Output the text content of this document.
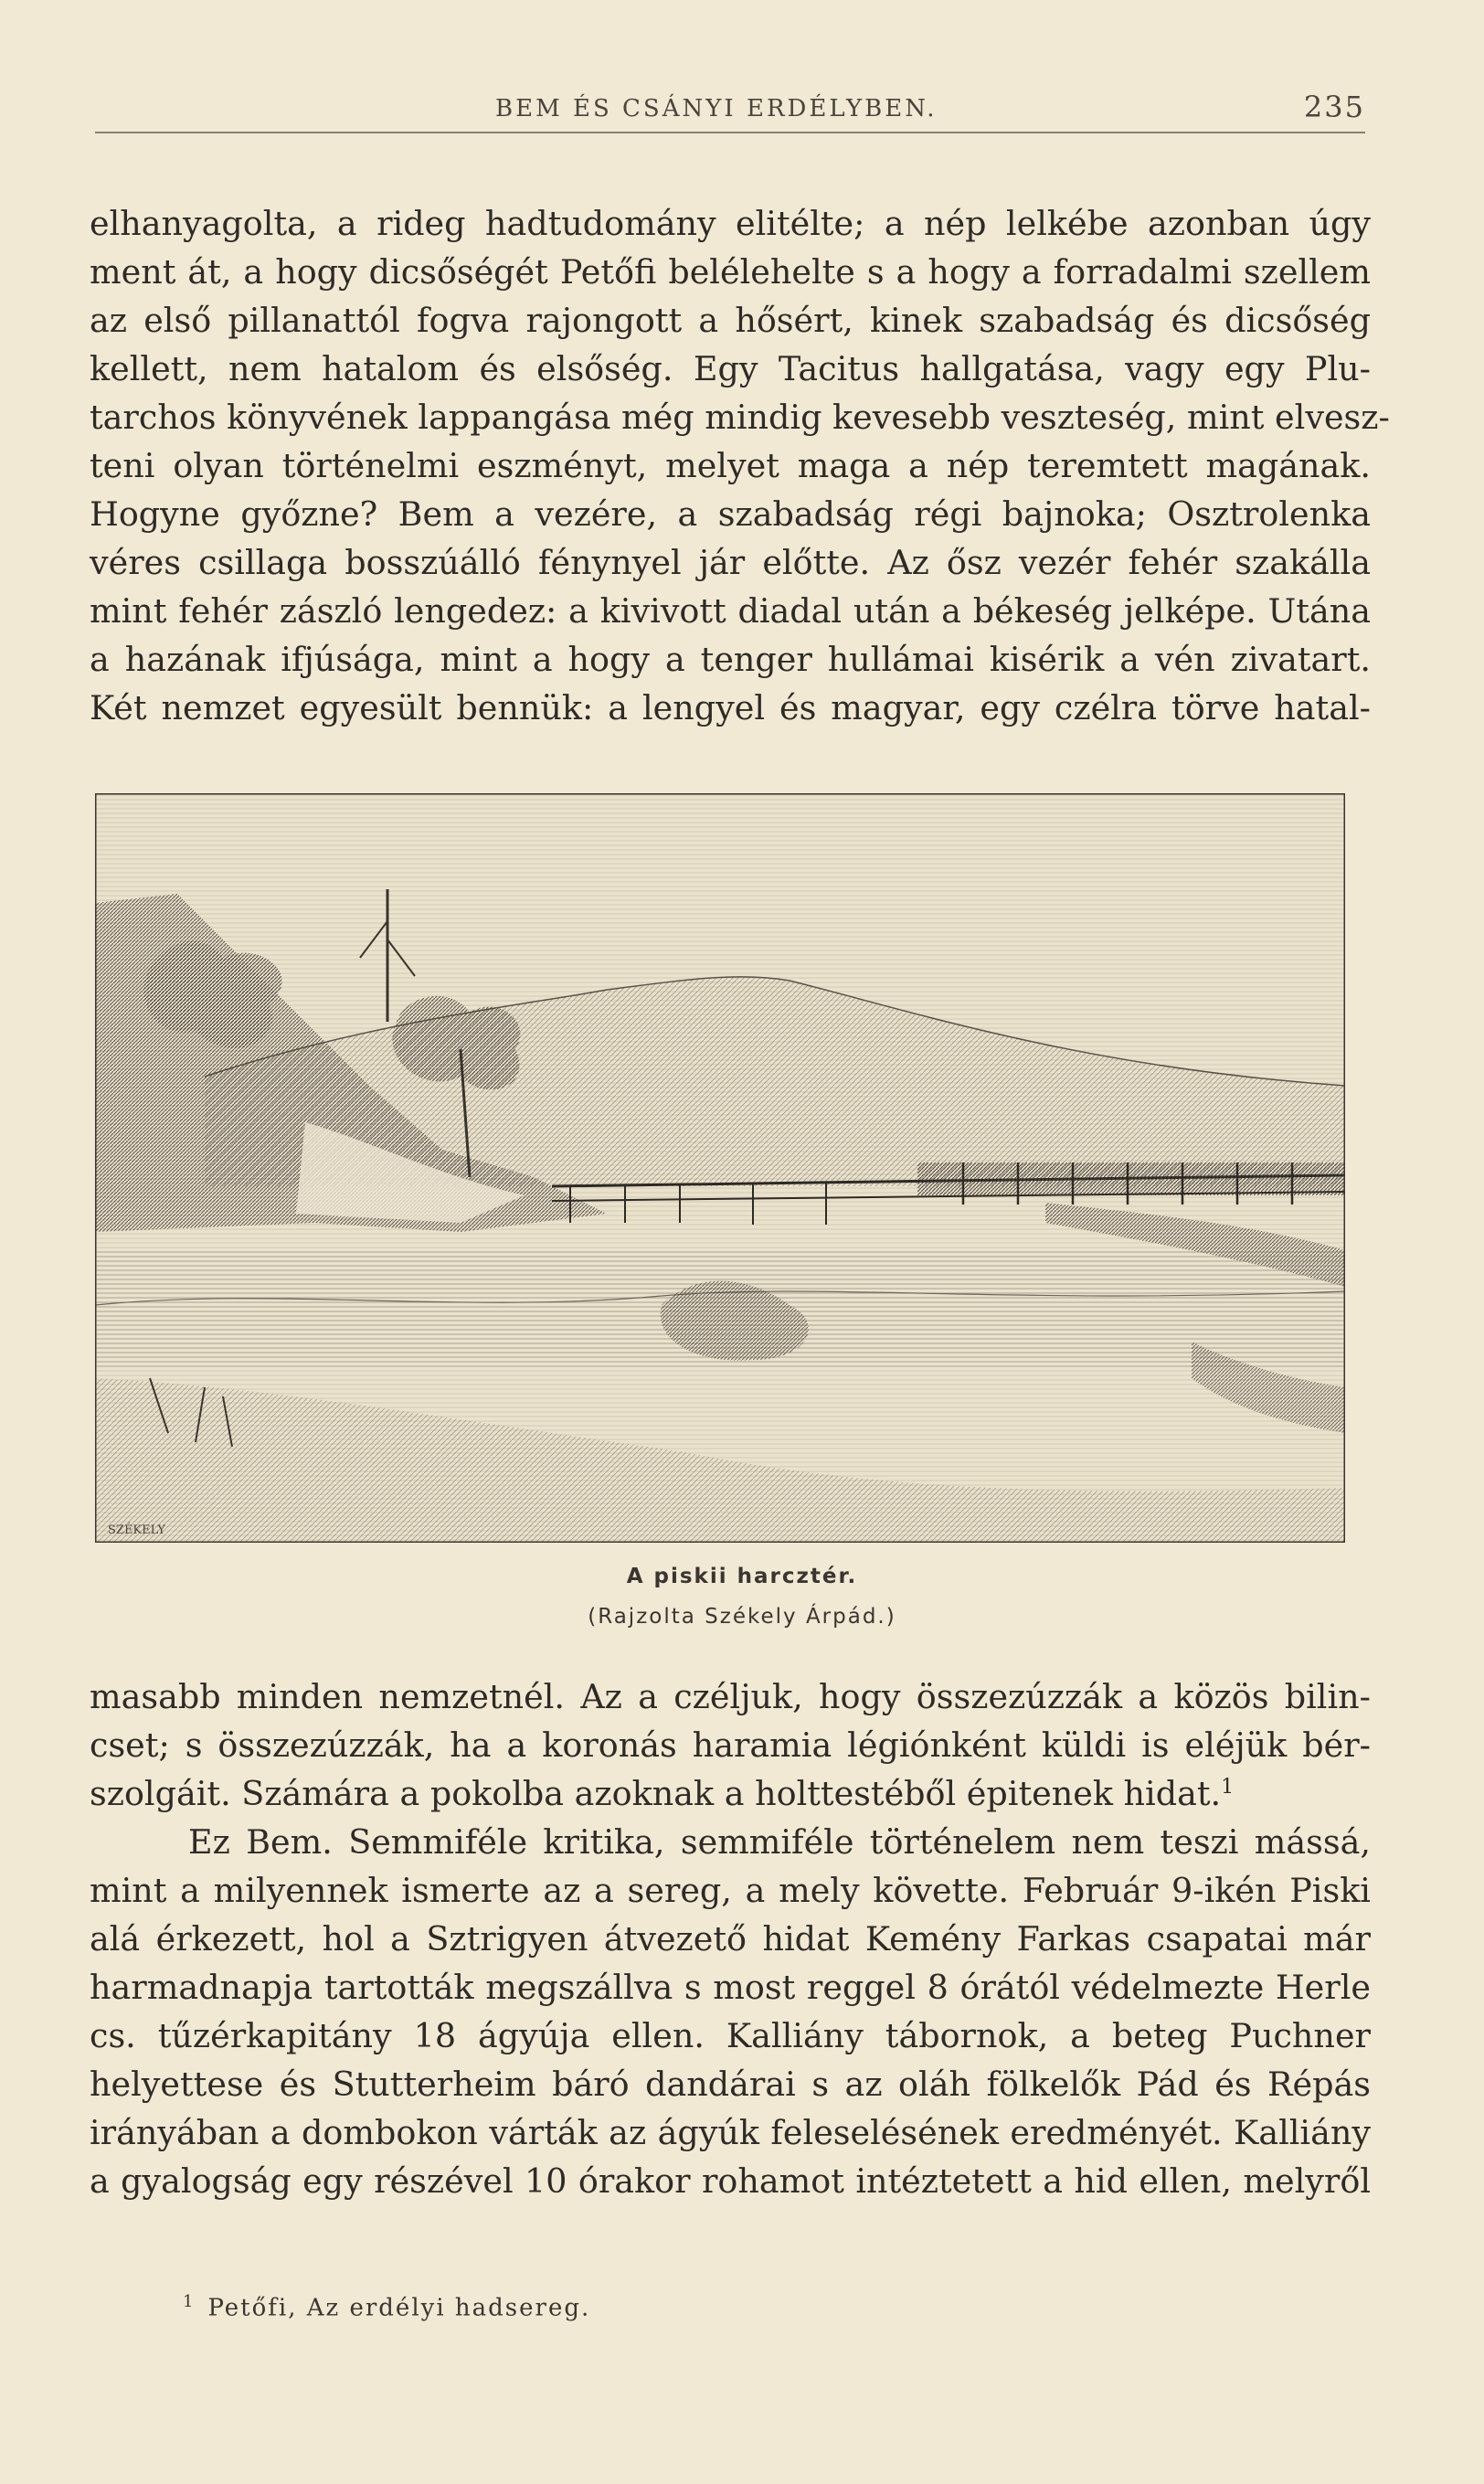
BEM ÉS CSÁNYI ERDÉLYBEN.	235
elhanyagolta, a rideg hadtudomány elitélte; a nép lelkébe azonban úgy
ment át, a hogy dicsőségét Petőfi belélehelte s a hogy a forradalmi szellem
az első pillanattól fogva rajongott a hősért, kinek szabadság és dicsőség
kellett, nem hatalom és elsőség. Egy Tacitus hallgatása, vagy egy Plu-
tarchos könyvének lappangása még mindig kevesebb veszteség, mint elvesz-
teni olyan történelmi eszményt, melyet maga a nép teremtett magának.
Hogyne győzne? Bem a vezére, a szabadság régi bajnoka; Osztrolenka
véres csillaga bosszúálló fénynyel jár előtte. Az ősz vezér fehér szakálla
mint fehér zászló lengedez: a kivivott diadal után a békeség jelképe. Utána
a hazának ifjúsága, mint a hogy a tenger hullámai kisérik a vén zivatart.
Két nemzet egyesült bennük: a lengyel és magyar, egy czélra törve hatal-
SZÉKELY
A piskii harcztér.
(Rajzolta Székely Árpád.)
masabb minden nemzetnél. Az a czéljuk, hogy összezúzzák a közös bilin-
cset; s összezúzzák, ha a koronás haramia légiónként küldi is eléjük bér-
szolgáit. Számára a pokolba azoknak a holttestéből épitenek hidat.$^1$
Ez Bem. Semmiféle kritika, semmiféle történelem nem teszi mássá,
mint a milyennek ismerte az a sereg, a mely követte. Február 9-ikén Piski
alá érkezett, hol a Sztrigyen átvezető hidat Kemény Farkas csapatai már
harmadnapja tartották megszállva s most reggel 8 órától védelmezte Herle
cs. tűzérkapitány 18 ágyúja ellen. Kalliány tábornok, a beteg Puchner
helyettese és Stutterheim báró dandárai s az oláh fölkelők Pád és Répás
irányában a dombokon várták az ágyúk feleselésének eredményét. Kalliány
a gyalogság egy részével 10 órakor rohamot intéztetett a hid ellen, melyről
$^1$ Petőfi, Az erdélyi hadsereg.
